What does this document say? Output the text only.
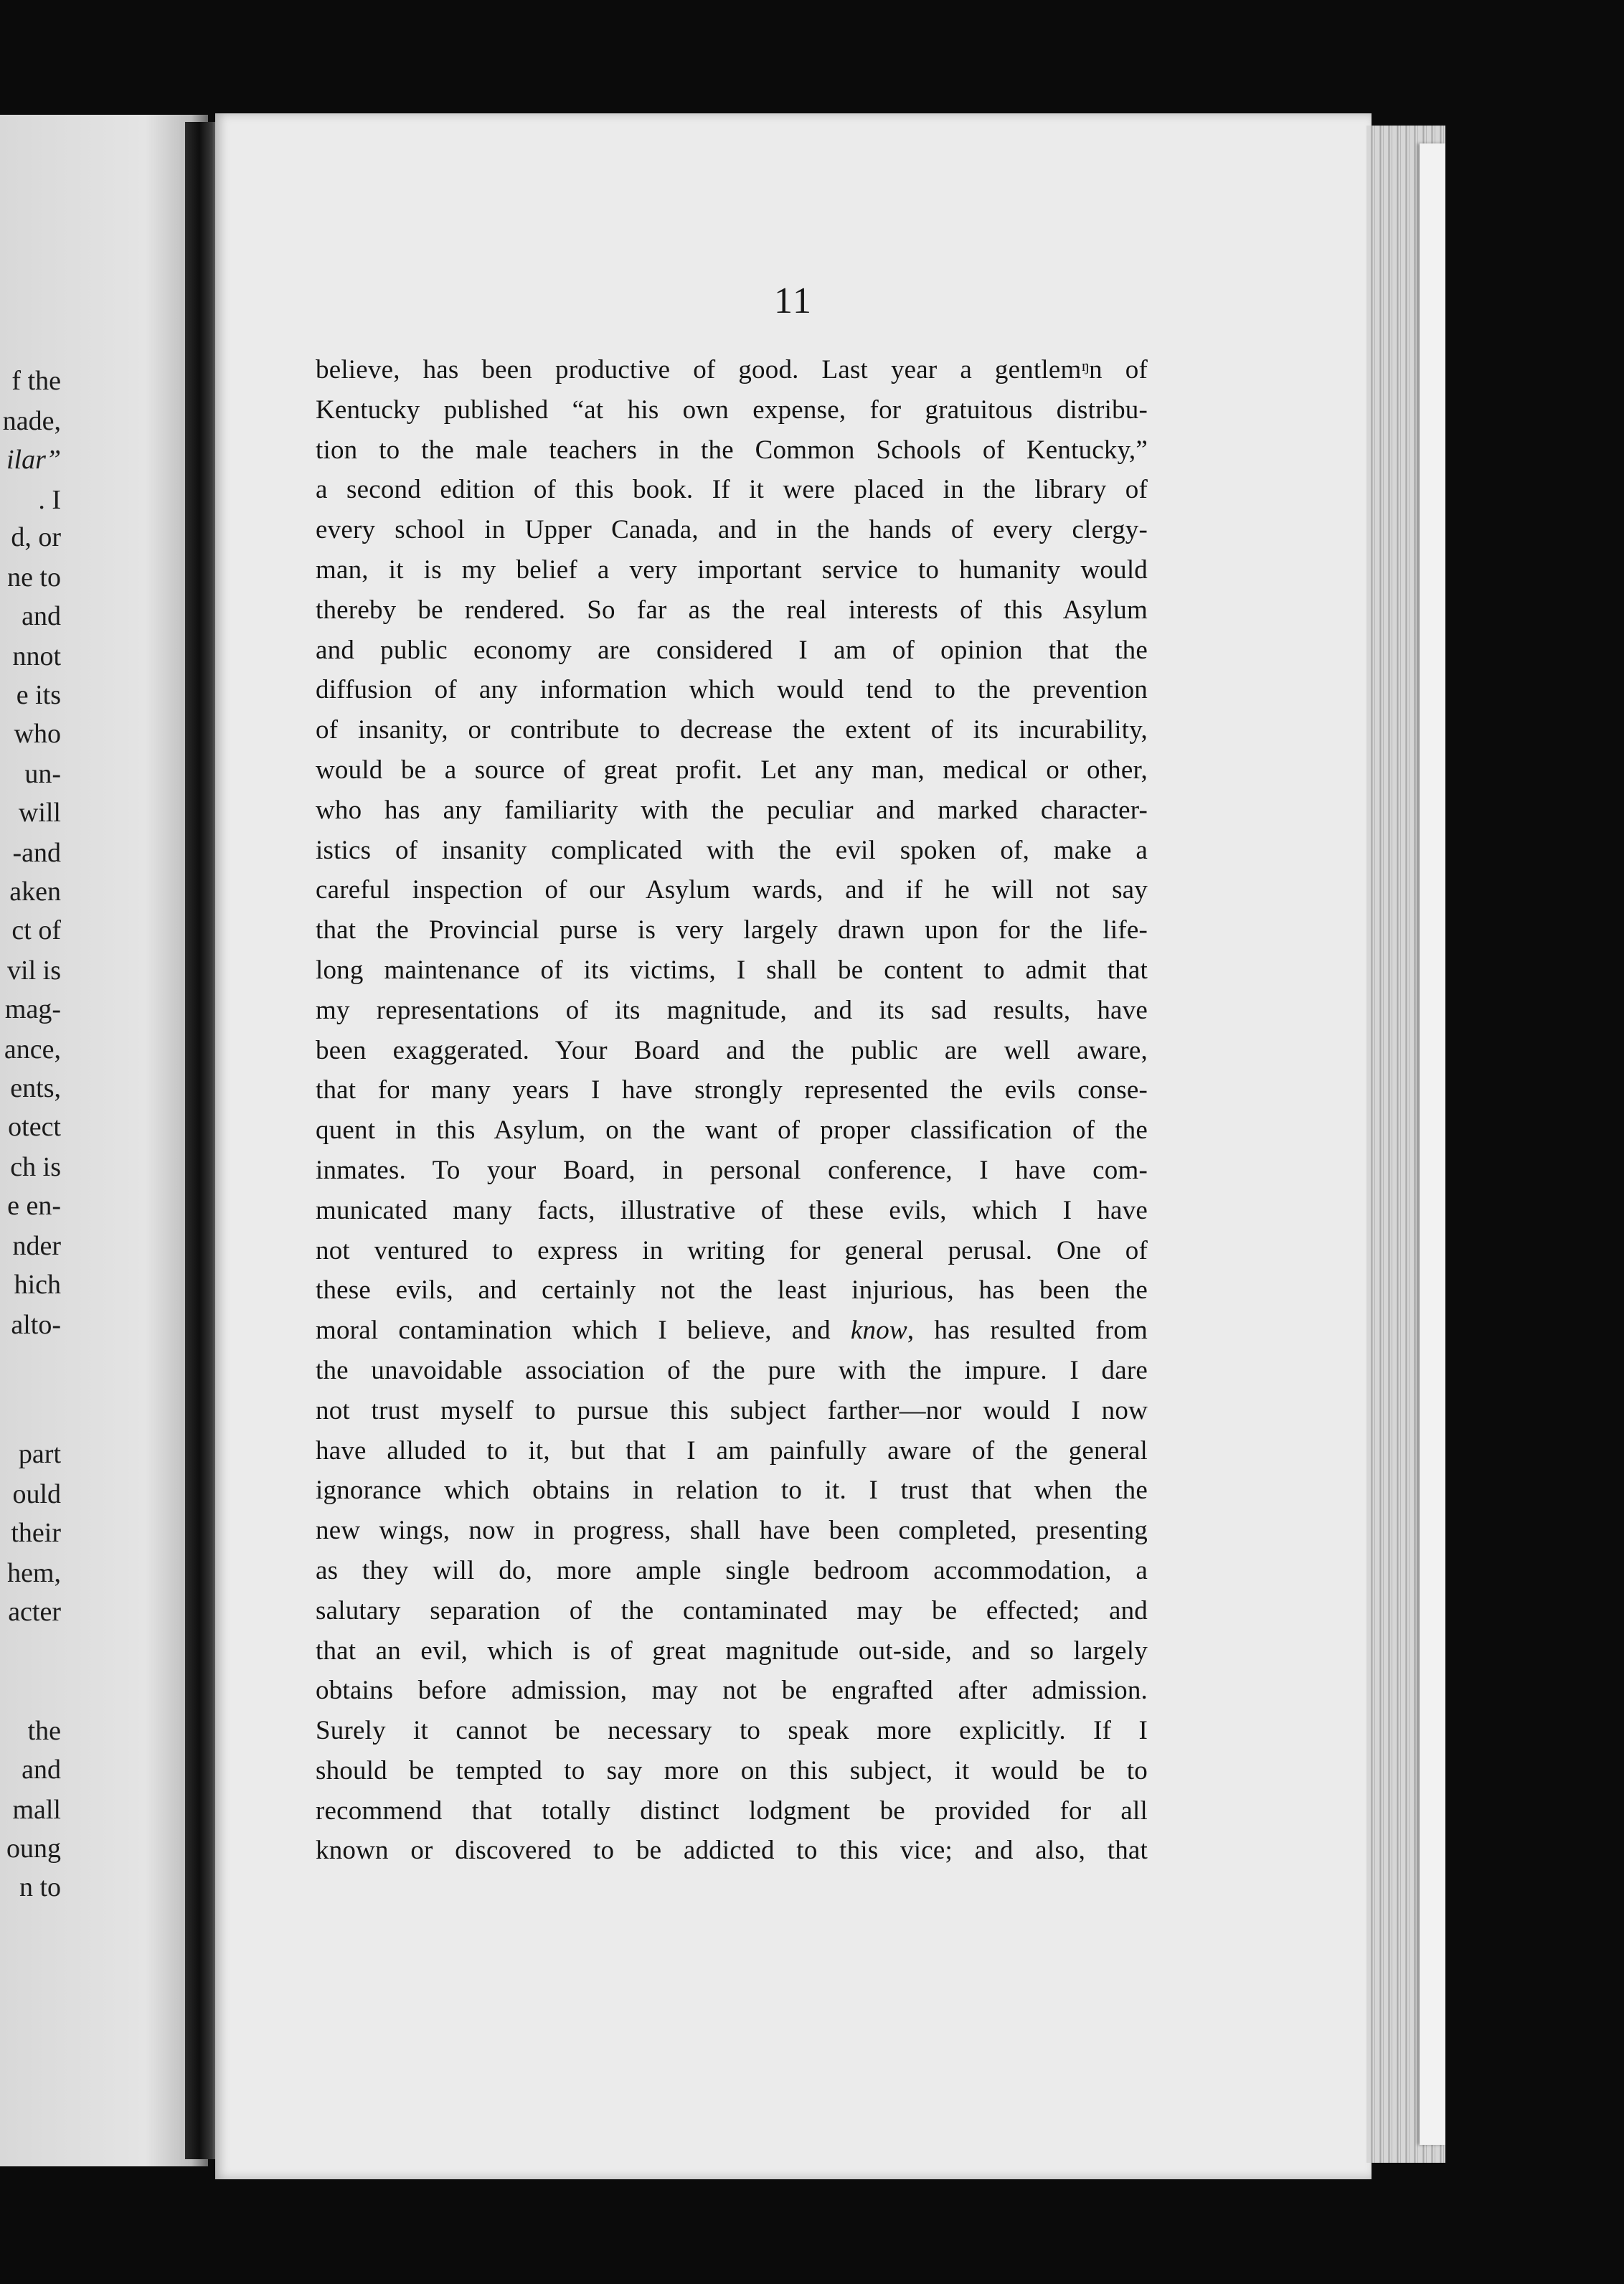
f the
nade,
ilar”
. I
d, or
ne to
and
nnot
e its
who
un-
will
-and
aken
ct of
vil is
mag-
ance,
ents,
otect
ch is
e en-
nder
hich
alto-
part
ould
their
hem,
acter
the
and
mall
oung
n to
11
believe, has been productive of good. Last year a gentlemᵑn of
Kentucky published “at his own expense, for gratuitous distribu-
tion to the male teachers in the Common Schools of Kentucky,”
a second edition of this book. If it were placed in the library of
every school in Upper Canada, and in the hands of every clergy-
man, it is my belief a very important service to humanity would
thereby be rendered. So far as the real interests of this Asylum
and public economy are considered I am of opinion that the
diffusion of any information which would tend to the prevention
of insanity, or contribute to decrease the extent of its incurability,
would be a source of great profit. Let any man, medical or other,
who has any familiarity with the peculiar and marked character-
istics of insanity complicated with the evil spoken of, make a
careful inspection of our Asylum wards, and if he will not say
that the Provincial purse is very largely drawn upon for the life-
long maintenance of its victims, I shall be content to admit that
my representations of its magnitude, and its sad results, have
been exaggerated. Your Board and the public are well aware,
that for many years I have strongly represented the evils conse-
quent in this Asylum, on the want of proper classification of the
inmates. To your Board, in personal conference, I have com-
municated many facts, illustrative of these evils, which I have
not ventured to express in writing for general perusal. One of
these evils, and certainly not the least injurious, has been the
moral contamination which I believe, and know, has resulted from
the unavoidable association of the pure with the impure. I dare
not trust myself to pursue this subject farther—nor would I now
have alluded to it, but that I am painfully aware of the general
ignorance which obtains in relation to it. I trust that when the
new wings, now in progress, shall have been completed, presenting
as they will do, more ample single bedroom accommodation, a
salutary separation of the contaminated may be effected; and
that an evil, which is of great magnitude out-side, and so largely
obtains before admission, may not be engrafted after admission.
Surely it cannot be necessary to speak more explicitly. If I
should be tempted to say more on this subject, it would be to
recommend that totally distinct lodgment be provided for all
known or discovered to be addicted to this vice; and also, that
